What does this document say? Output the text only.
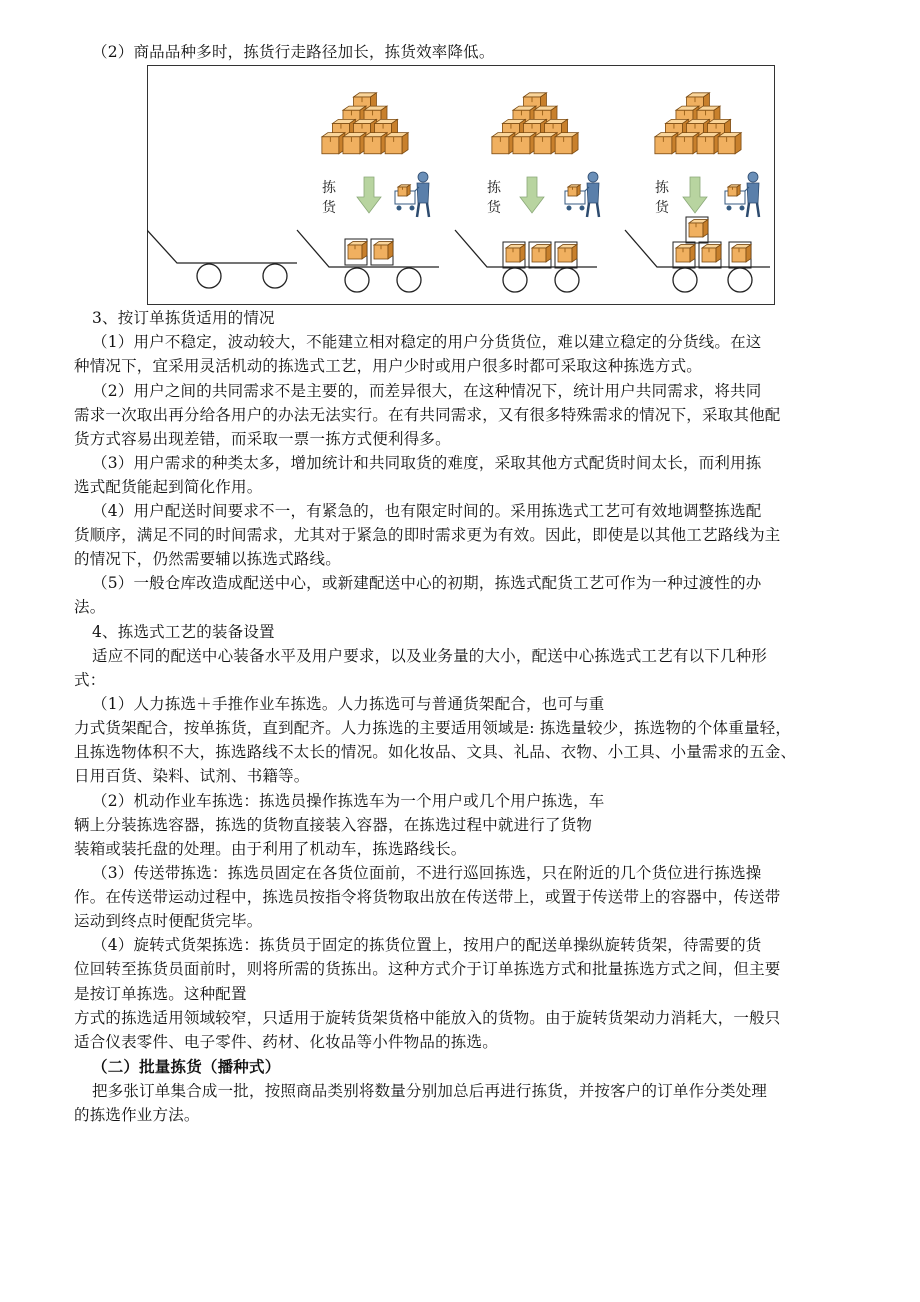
（2）商品品种多时，拣货行走路径加长，拣货效率降低。
拣
货
拣
货
拣
货
3、按订单拣货适用的情况
（1）用户不稳定，波动较大，不能建立相对稳定的用户分货货位，难以建立稳定的分货线。在这
种情况下，宜采用灵活机动的拣选式工艺，用户少时或用户很多时都可采取这种拣选方式。
（2）用户之间的共同需求不是主要的，而差异很大，在这种情况下，统计用户共同需求，将共同
需求一次取出再分给各用户的办法无法实行。在有共同需求，又有很多特殊需求的情况下，采取其他配
货方式容易出现差错，而采取一票一拣方式便利得多。
（3）用户需求的种类太多，增加统计和共同取货的难度，采取其他方式配货时间太长，而利用拣
选式配货能起到简化作用。
（4）用户配送时间要求不一，有紧急的，也有限定时间的。采用拣选式工艺可有效地调整拣选配
货顺序，满足不同的时间需求，尤其对于紧急的即时需求更为有效。因此，即使是以其他工艺路线为主
的情况下，仍然需要辅以拣选式路线。
（5）一般仓库改造成配送中心，或新建配送中心的初期，拣选式配货工艺可作为一种过渡性的办
法。
4、拣选式工艺的装备设置
适应不同的配送中心装备水平及用户要求，以及业务量的大小，配送中心拣选式工艺有以下几种形
式：
（1）人力拣选＋手推作业车拣选。人力拣选可与普通货架配合，也可与重
力式货架配合，按单拣货，直到配齐。人力拣选的主要适用领域是: 拣选量较少，拣选物的个体重量轻，
且拣选物体积不大，拣选路线不太长的情况。如化妆品、文具、礼品、衣物、小工具、小量需求的五金、
日用百货、染料、试剂、书籍等。
（2）机动作业车拣选：拣选员操作拣选车为一个用户或几个用户拣选，车
辆上分装拣选容器，拣选的货物直接装入容器，在拣选过程中就进行了货物
装箱或装托盘的处理。由于利用了机动车，拣选路线长。
（3）传送带拣选：拣选员固定在各货位面前，不进行巡回拣选，只在附近的几个货位进行拣选操
作。在传送带运动过程中，拣选员按指令将货物取出放在传送带上，或置于传送带上的容器中，传送带
运动到终点时便配货完毕。
（4）旋转式货架拣选：拣货员于固定的拣货位置上，按用户的配送单操纵旋转货架，待需要的货
位回转至拣货员面前时，则将所需的货拣出。这种方式介于订单拣选方式和批量拣选方式之间，但主要
是按订单拣选。这种配置
方式的拣选适用领域较窄，只适用于旋转货架货格中能放入的货物。由于旋转货架动力消耗大，一般只
适合仪表零件、电子零件、药材、化妆品等小件物品的拣选。
（二）批量拣货（播种式）
把多张订单集合成一批，按照商品类别将数量分别加总后再进行拣货，并按客户的订单作分类处理
的拣选作业方法。
